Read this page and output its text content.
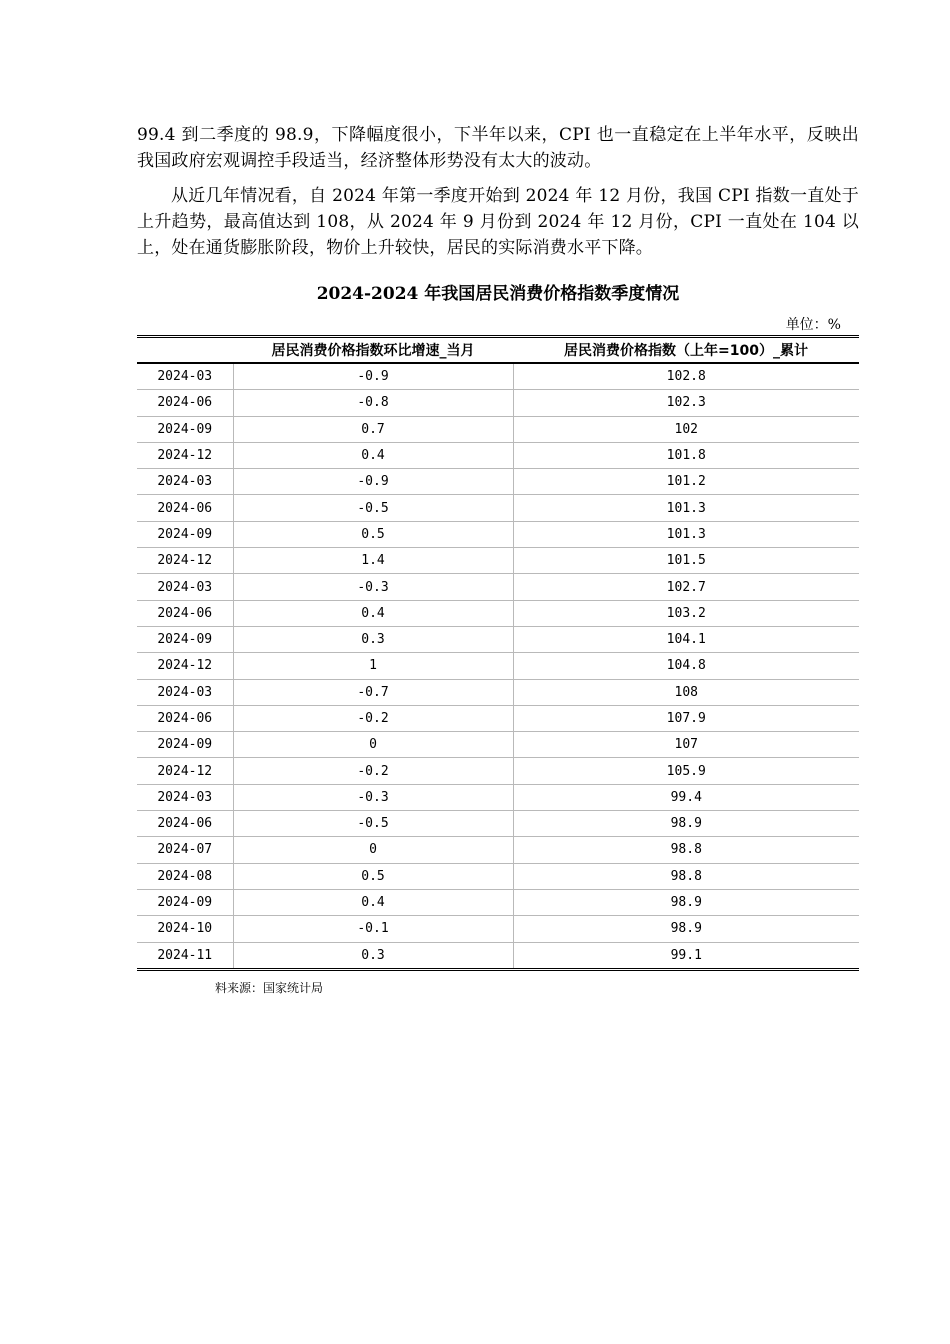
99.4 到二季度的 98.9，下降幅度很小，下半年以来，CPI 也一直稳定在上半年水平，反映出我国政府宏观调控手段适当，经济整体形势没有太大的波动。

从近几年情况看，自 2024 年第一季度开始到 2024 年 12 月份，我国 CPI 指数一直处于上升趋势，最高值达到 108，从 2024 年 9 月份到 2024 年 12 月份，CPI 一直处在 104 以上，处在通货膨胀阶段，物价上升较快，居民的实际消费水平下降。

2024-2024 年我国居民消费价格指数季度情况
单位：%
	居民消费价格指数环比增速_当月	居民消费价格指数（上年=100）_累计
2024-03	-0.9	102.8
2024-06	-0.8	102.3
2024-09	0.7	102
2024-12	0.4	101.8
2024-03	-0.9	101.2
2024-06	-0.5	101.3
2024-09	0.5	101.3
2024-12	1.4	101.5
2024-03	-0.3	102.7
2024-06	0.4	103.2
2024-09	0.3	104.1
2024-12	1	104.8
2024-03	-0.7	108
2024-06	-0.2	107.9
2024-09	0	107
2024-12	-0.2	105.9
2024-03	-0.3	99.4
2024-06	-0.5	98.9
2024-07	0	98.8
2024-08	0.5	98.8
2024-09	0.4	98.9
2024-10	-0.1	98.9
2024-11	0.3	99.1
料来源：国家统计局
